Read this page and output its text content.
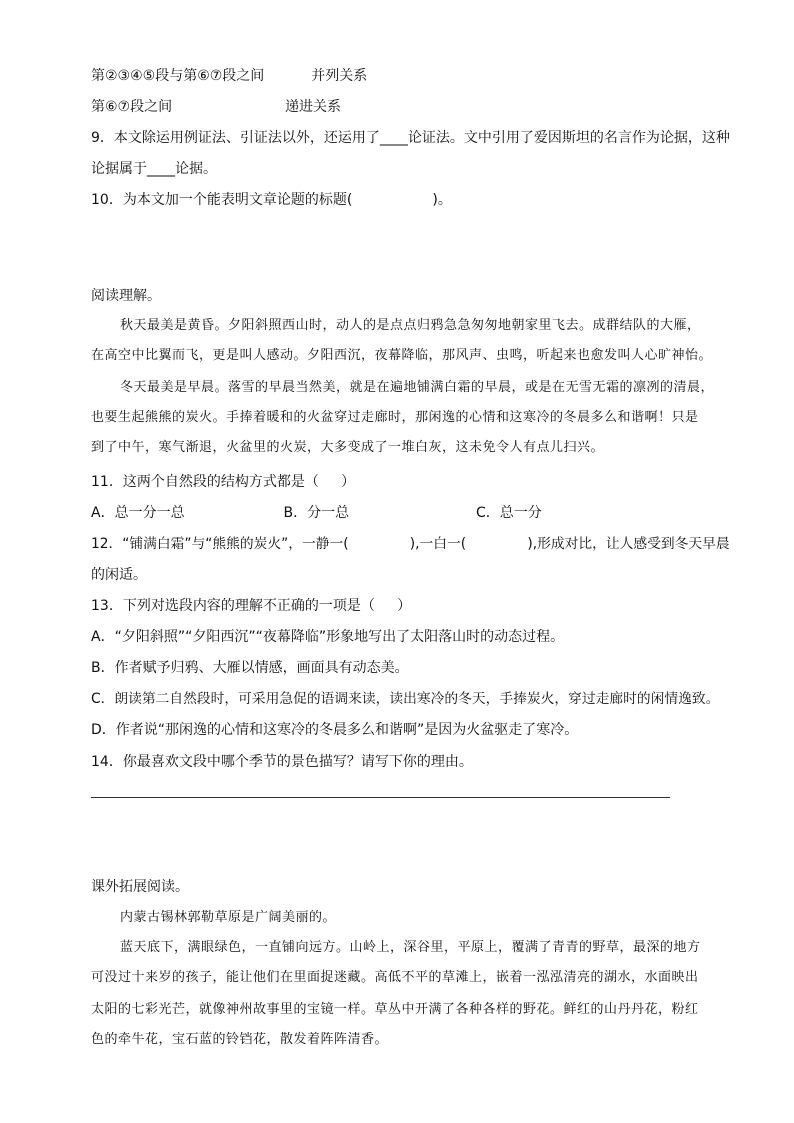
第②③④⑤段与第⑥⑦段之间	并列关系
第⑥⑦段之间	递进关系
9．本文除运用例证法、引证法以外，还运用了____论证法。文中引用了爱因斯坦的名言作为论据，这种
论据属于____论据。
10．为本文加一个能表明文章论题的标题(                  )。
阅读理解。
秋天最美是黄昏。夕阳斜照西山时，动人的是点点归鸦急急匆匆地朝家里飞去。成群结队的大雁，
在高空中比翼而飞，更是叫人感动。夕阳西沉，夜幕降临，那风声、虫鸣，听起来也愈发叫人心旷神怡。
冬天最美是早晨。落雪的早晨当然美，就是在遍地铺满白霜的早晨，或是在无雪无霜的凛冽的清晨，
也要生起熊熊的炭火。手捧着暖和的火盆穿过走廊时，那闲逸的心情和这寒冷的冬晨多么和谐啊！只是
到了中午，寒气渐退，火盆里的火炭，大多变成了一堆白灰，这未免令人有点儿扫兴。
11．这两个自然段的结构方式都是（     ）
A．总一分一总	B．分一总	C．总一分
12．“铺满白霜”与“熊熊的炭火”，一静一(              ),一白一(              ),形成对比，让人感受到冬天早晨
的闲适。
13．下列对选段内容的理解不正确的一项是（     ）
A．“夕阳斜照”“夕阳西沉”“夜幕降临”形象地写出了太阳落山时的动态过程。
B．作者赋予归鸦、大雁以情感，画面具有动态美。
C．朗读第二自然段时，可采用急促的语调来读，读出寒冷的冬天，手捧炭火，穿过走廊时的闲情逸致。
D．作者说“那闲逸的心情和这寒冷的冬晨多么和谐啊”是因为火盆驱走了寒冷。
14．你最喜欢文段中哪个季节的景色描写？请写下你的理由。
课外拓展阅读。
内蒙古锡林郭勒草原是广阔美丽的。
蓝天底下，满眼绿色，一直铺向远方。山岭上，深谷里，平原上，覆满了青青的野草，最深的地方
可没过十来岁的孩子，能让他们在里面捉迷藏。高低不平的草滩上，嵌着一泓泓清亮的湖水，水面映出
太阳的七彩光芒，就像神州故事里的宝镜一样。草丛中开满了各种各样的野花。鲜红的山丹丹花，粉红
色的牵牛花，宝石蓝的铃铛花，散发着阵阵清香。
